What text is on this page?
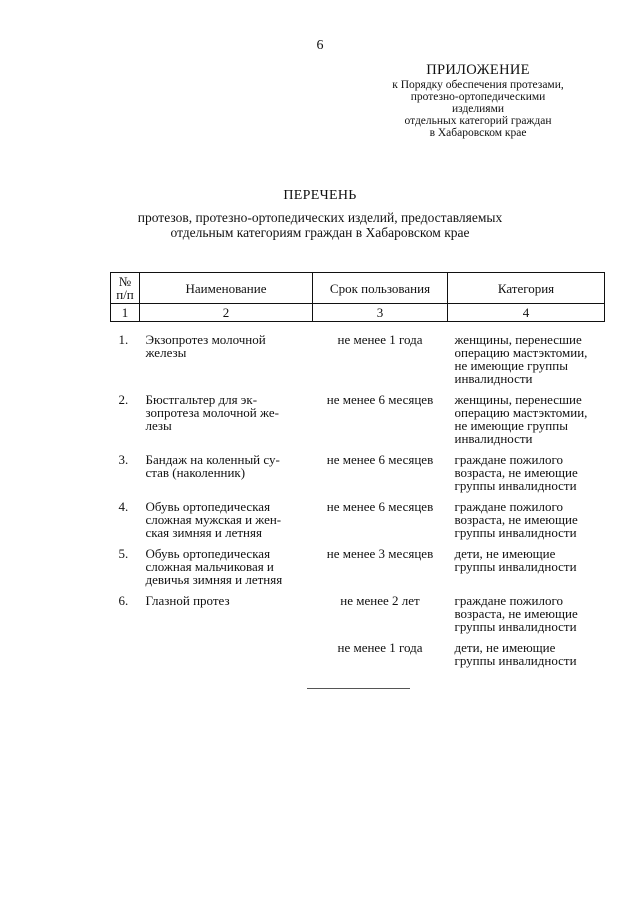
6
ПРИЛОЖЕНИЕ
к Порядку обеспечения протезами,
протезно-ортопедическими изделиями
отдельных категорий граждан
в Хабаровском крае
ПЕРЕЧЕНЬ
протезов, протезно-ортопедических изделий, предоставляемых
отдельным категориям граждан в Хабаровском крае
№
п/п	Наименование	Срок пользования	Категория
1	2	3	4

1.	Экзопротез молочной
железы	не менее 1 года	женщины, перенесшие
операцию мастэктомии,
не имеющие группы
инвалидности

2.	Бюстгальтер для эк-
зопротеза молочной же-
лезы	не менее 6 месяцев	женщины, перенесшие
операцию мастэктомии,
не имеющие группы
инвалидности

3.	Бандаж на коленный су-
став (наколенник)	не менее 6 месяцев	граждане пожилого
возраста, не имеющие
группы инвалидности

4.	Обувь ортопедическая
сложная мужская и жен-
ская зимняя и летняя	не менее 6 месяцев	граждане пожилого
возраста, не имеющие
группы инвалидности

5.	Обувь ортопедическая
сложная мальчиковая и
девичья зимняя и летняя	не менее 3 месяцев	дети, не имеющие
группы инвалидности

6.	Глазной протез	не менее 2 лет	граждане пожилого
возраста, не имеющие
группы инвалидности

		не менее 1 года	дети, не имеющие
группы инвалидности
